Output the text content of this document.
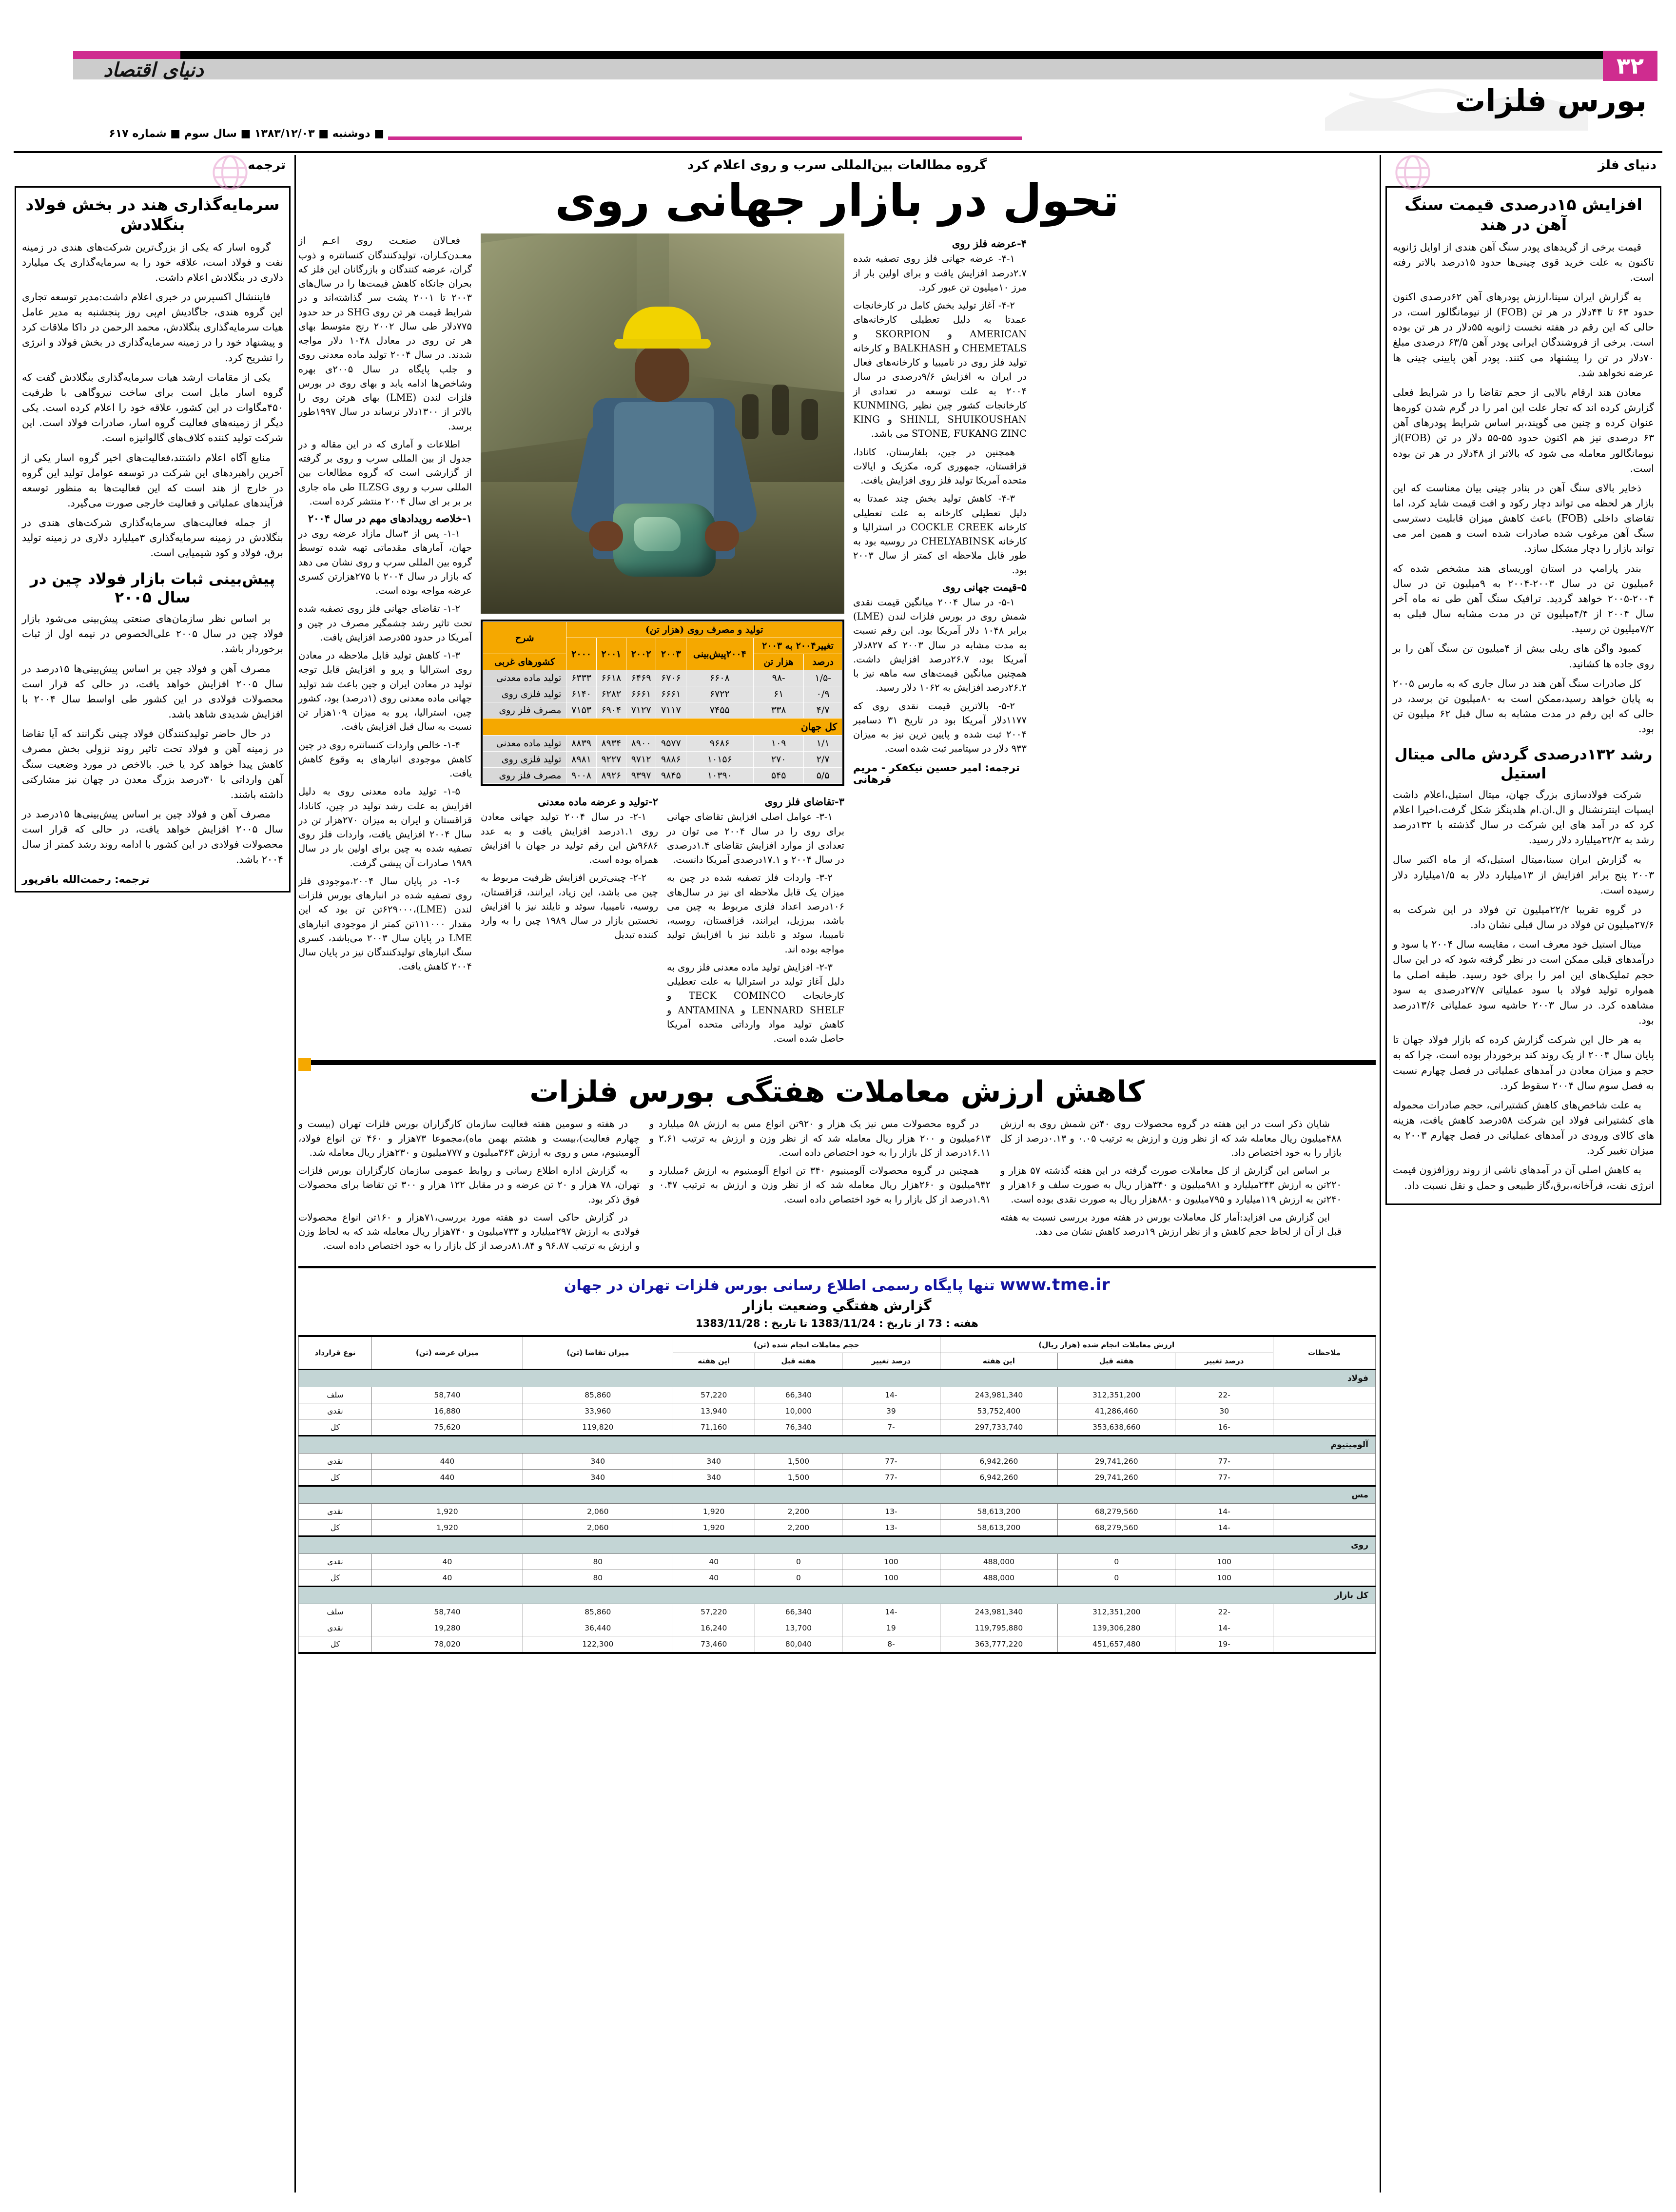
دنیای اقتصاد	۳۲
بورس فلزات
■ دوشنبه ■ ۱۳۸۳/۱۲/۰۳ ■ سال سوم ■ شماره ۶۱۷
ترجمه
سرمایه‌گذاری هند در بخش فولاد بنگلادش
گروه اسار که یکی از بزرگ‌ترین شرکت‌های هندی در زمینه نفت و فولاد است، علاقه خود را به سرمایه‌گذاری یک میلیارد دلاری در بنگلادش اعلام داشت.
فایننشال اکسپرس در خبری اعلام داشت:مدیر توسعه تجاری این گروه هندی، جاگادیش ام‌پی روز پنجشنبه به مدیر عامل هیات سرمایه‌گذاری بنگلادش، محمد الرحمن در داکا ملاقات کرد و پیشنهاد خود را در زمینه سرمایه‌گذاری در بخش فولاد و انرژی را تشریح کرد.
یکی از مقامات ارشد هیات سرمایه‌گذاری بنگلادش گفت که گروه اسار مایل است برای ساخت نیروگاهی با ظرفیت ۴۵۰مگاوات در این کشور، علاقه خود را اعلام کرده است. یکی دیگر از زمینه‌های فعالیت گروه اسار، صادرات فولاد است. این شرکت تولید کننده کلاف‌های گالوانیزه است.
منابع آگاه اعلام داشتند،فعالیت‌های اخیر گروه اسار یکی از آخرین راهبردهای این شرکت در توسعه عوامل تولید این گروه در خارج از هند است که این فعالیت‌ها به منظور توسعه فرآیندهای عملیاتی و فعالیت خارجی صورت می‌گیرد.
از جمله فعالیت‌های سرمایه‌گذاری شرکت‌های هندی در بنگلادش در زمینه سرمایه‌گذاری ۳میلیارد دلاری در زمینه تولید برق، فولاد و کود شیمیایی است.
پیش‌بینی ثبات بازار فولاد چین در سال ۲۰۰۵
بر اساس نظر سازمان‌های صنعتی پیش‌بینی می‌شود بازار فولاد چین در سال ۲۰۰۵ علی‌الخصوص در نیمه اول از ثبات برخوردار باشد.
مصرف آهن و فولاد چین بر اساس پیش‌بینی‌ها ۱۵درصد در سال ۲۰۰۵ افزایش خواهد یافت، در حالی که قرار است محصولات فولادی در این کشور طی اواسط سال ۲۰۰۴ با افزایش شدیدی شاهد باشد.
در حال حاضر تولیدکنندگان فولاد چینی نگرانند که آیا تقاضا در زمینه آهن و فولاد تحت تاثیر روند نزولی بخش مصرف کاهش پیدا خواهد کرد یا خیر. بالاخص در مورد وضعیت سنگ آهن وارداتی با ۳۰درصد بزرگ معدن در چهان نیز مشارکتی داشته باشند.
مصرف آهن و فولاد چین بر اساس پیش‌بینی‌ها ۱۵درصد در سال ۲۰۰۵ افزایش خواهد یافت، در حالی که قرار است محصولات فولادی در این کشور با ادامه روند رشد کمتر از سال ۲۰۰۴ باشد.
ترجمه: رحمت‌الله باقرپور
دنیای فلز
افزایش ۱۵درصدی قیمت سنگ آهن در هند
قیمت برخی از گریدهای پودر سنگ آهن هندی از اوایل ژانویه تاکنون به علت خرید قوی چینی‌ها حدود ۱۵درصد بالاتر رفته است.
به گزارش ایران سینا،ارزش پودرهای آهن ۶۲درصدی اکنون حدود ۶۳ تا ۴۴دلار در هر تن (FOB) از نیومانگالور است، در حالی که این رقم در هفته نخست ژانویه ۵۵دلار در هر تن بوده است. برخی از فروشندگان ایرانی پودر آهن ۶۳/۵ درصدی مبلغ ۷۰دلار در تن را پیشنهاد می کنند. پودر آهن پایینی چینی ها عرضه نخواهد شد.
معادن هند ارقام بالایی از حجم تقاضا را در شرایط فعلی گزارش کرده اند که تجار علت این امر را در گرم شدن کوره‌ها عنوان کرده و چنین می گویند،بر اساس شرایط پودرهای آهن ۶۳ درصدی نیز هم اکنون حدود ۵۵-۵۵ دلار در تن (FOB)از نیومانگالور معامله می شود که بالاتر از ۴۸دلار در هر تن بوده است.
ذخایر بالای سنگ آهن در بنادر چینی بیان معناست که این بازار هر لحظه می تواند دچار رکود و افت قیمت شاید کرد، اما تقاضای داخلی (FOB) باعث کاهش میزان قابلیت دسترسی سنگ آهن مرغوب شده صادرات شده است و همین امر می تواند بازار را دچار مشکل سازد.
بندر پارامپ در استان اوریسای هند مشخص شده که ۶میلیون تن در سال ۲۰۰۳-۲۰۰۴ به ۹میلیون تن در سال ۲۰۰۴-۲۰۰۵ خواهد گردید. ترافیک سنگ آهن طی نه ماه آخر سال ۲۰۰۴ از ۴/۴میلیون تن در مدت مشابه سال قبلی به ۷/۲میلیون تن رسید.
کمبود واگن های ریلی بیش از ۴میلیون تن سنگ آهن را بر روی جاده ها کشانید.
کل صادرات سنگ آهن هند در سال جاری که به مارس ۲۰۰۵ به پایان خواهد رسید،ممکن است به ۸۰میلیون تن برسد، در حالی که این رقم در مدت مشابه به سال قبل ۶۲ میلیون تن بود.
رشد ۱۳۲درصدی گردش مالی میتال استیل
شرکت فولادسازی بزرگ جهان، میتال استیل،اعلام داشت ایسپات اینترنشنال و ال.ان.ام هلدینگز شکل گرفت،اخیرا اعلام کرد که در آمد های این شرکت در سال گذشته با ۱۳۲درصد رشد به ۲۲/۲میلیارد دلار رسید.
به گزارش ایران سینا،میتال استیل،که از ماه اکتبر سال ۲۰۰۳ پنج برابر افزایش از ۱۳میلیارد دلار به ۱/۵میلیارد دلار رسیده است.
در گروه تقریبا ۲۲/۲میلیون تن فولاد در این شرکت به ۲۷/۶میلیون تن فولاد در سال قبلی نشان داد.
میتال استیل خود معرف است ، مقایسه سال ۲۰۰۴ با سود و درآمدهای قبلی ممکن است در نظر گرفته شود که در این سال حجم تملیک‌های این امر را برای خود رسید. طبقه اصلی ما همواره تولید فولاد با سود عملیاتی ۲۷/۷درصدی به سود مشاهده کرد. در سال ۲۰۰۳ حاشیه سود عملیاتی ۱۳/۶درصد بود.
به هر حال این شرکت گزارش کرده که بازار فولاد جهان تا پایان سال ۲۰۰۴ از یک روند کند برخوردار بوده است، چرا که به حجم و میزان معادن در آمدهای عملیاتی در فصل چهارم نسبت به فصل سوم سال ۲۰۰۴ سقوط کرد.
به علت شاخص‌های کاهش کشتیرانی، حجم صادرات محموله های کشتیرانی فولاد این شرکت ۵۸درصد کاهش یافت، هزینه های کالای ورودی در آمدهای عملیاتی در فصل چهارم ۲۰۰۳ به میزان تغییر کرد.
به کاهش اصلی آن در آمدهای ناشی از روند روزافزون قیمت انرژی نفت، فرآخانه،برق،گاز طبیعی و حمل و نقل نسبت داد.
گروه مطالعات بین‌المللی سرب و روی اعلام کرد
تحول در بازار جهانی روی
فعـالان صنعـت روی اعـم از معـدن‌کـاران، تولیدکنندگان کنسانتره و ذوب گران، عرضه کنندگان و بازرگانان این فلز که بحران جانکاه کاهش قیمت‌ها را در سال‌های ۲۰۰۳ تا ۲۰۰۱ پشت سر گذاشته‌اند و در شرایط قیمت هر تن روی SHG در حد حدود ۷۷۵دلار طی سال ۲۰۰۲ رنج متوسط بهای هر تن روی در معادل ۱۰۴۸ دلار مواجه شدند. در سال ۲۰۰۴ تولید ماده معدنی روی و جلب پایگاه در سال ۲۰۰۵ی بهره وشاخص‌ها ادامه یابد و بهای روی در بورس فلزات لندن (LME) بهای هرتن روی را بالاتر از ۱۳۰۰دلار نرساند در سال ۱۹۹۷طور برسد.
اطلاعات و آماری که در این مقاله و در جدول از بین المللی سرب و روی بر گرفته از گزارشی است که گروه مطالعات بین المللی سرب و روی ILZSG طی ماه جاری بر بر بر ای سال ۲۰۰۴ منتشر کرده است.
۱-خلاصه رویدادهای مهم در سال ۲۰۰۴
۱-۱- پس از ۳سال مازاد عرضه روی در جهان، آمارهای مقدماتی تهیه شده توسط گروه بین المللی سرب و روی نشان می دهد که بازار در سال ۲۰۰۴ با ۲۷۵هزارتن کسری عرضه مواجه بوده است.
۱-۲- تقاضای جهانی فلز روی تصفیه شده تحت تاثیر رشد چشمگیر مصرف در چین و آمریکا در حدود ۵۵درصد افزایش یافت.
۱-۳- کاهش تولید قابل ملاحظه در معادن روی استرالیا و پرو و افزایش قابل توجه تولید در معادن ایران و چین باعث شد تولید جهانی ماده معدنی روی (۱درصد) بود، کشور چین، استرالیا، پرو به میزان ۱۰۹هزار تن نسبت به سال قبل افزایش یافت.
۱-۴- خالص واردات کنسانتره روی در چین کاهش موجودی انبارهای به وقوع کاهش یافت.
۱-۵- تولید ماده معدنی روی به دلیل افزایش به علت رشد تولید در چین، کانادا، قزاقستان و ایران به میزان ۲۷۰هزار تن در سال ۲۰۰۴ افزایش یافت، واردات فلز روی تصفیه شده به چین برای اولین بار در سال ۱۹۸۹ صادرات آن پیشی گرفت.
۱-۶- در پایان سال ۲۰۰۴،موجودی فلز روی تصفیه شده در انبارهای بورس فلزات لندن (LME)،۶۲۹۰۰۰تن تن بود که این مقدار ۱۱۱۰۰۰تن کمتر از موجودی انبارهای LME در پایان سال ۲۰۰۳ می‌باشد، کسری سنگ انبارهای تولیدکنندگان نیز در پایان سال ۲۰۰۴ کاهش یافت.
تولید و مصرف روی (هزار تن)							شرح
تغییر۲۰۰۴ به ۲۰۰۳		۲۰۰۴پیش‌بینی	۲۰۰۳	۲۰۰۲	۲۰۰۱	۲۰۰۰	
درصد	هزار تن						کشورهای غربی
-۱/۵	-۹۸	۶۶۰۸	۶۷۰۶	۶۴۶۹	۶۶۱۸	۶۳۳۳	تولید ماده معدنی
۰/۹	۶۱	۶۷۲۲	۶۶۶۱	۶۶۶۱	۶۲۸۲	۶۱۴۰	تولید فلزی روی
۴/۷	۳۳۸	۷۴۵۵	۷۱۱۷	۷۱۲۷	۶۹۰۴	۷۱۵۳	مصرف فلز روی
کل جهان							
۱/۱	۱۰۹	۹۶۸۶	۹۵۷۷	۸۹۰۰	۸۹۳۴	۸۸۳۹	تولید ماده معدنی
۲/۷	۲۷۰	۱۰۱۵۶	۹۸۸۶	۹۷۱۲	۹۲۲۷	۸۹۸۱	تولید فلزی روی
۵/۵	۵۴۵	۱۰۳۹۰	۹۸۴۵	۹۳۹۷	۸۹۲۶	۹۰۰۸	مصرف فلز روی
۲-تولید و عرضه ماده معدنی
۲-۱- در سال ۲۰۰۴ تولید جهانی معادن روی ۱.۱درصد افزایش یافت و به عدد ۹۶۸۶ش این رقم تولید در جهان با افزایش همراه بوده است.
۲-۲- چینی‌ترین افزایش ظرفیت مربوط به چین می باشد، این زیاد، ایرانند، قزاقستان، روسیه، نامیبیا، سوئد و تایلند نیز با افزایش نخستین بازار در سال ۱۹۸۹ چین را به وارد کننده تبدیل
۳-تقاضای فلز روی
۳-۱- عوامل اصلی افزایش تقاضای جهانی برای روی را در سال ۲۰۰۴ می توان در تعدادی از موارد افزایش تقاضای ۱.۴درصدی در سال ۲۰۰۴ و ۱۷.۱درصدی آمریکا دانست.
۳-۲- واردات فلز تصفیه شده در چین به میزان یک قابل ملاحظه ای نیز در سال‌های ۱۰۶درصد اعداد فلزی مربوط به چین می باشد، ببرزیل، ایرانند، قزاقستان، روسیه، نامیبیا، سوئد و تایلند نیز با افزایش تولید مواجه بوده اند.
۲-۳- افزایش تولید ماده معدنی فلز روی به دلیل آغاز تولید در استرالیا به علت تعطیلی کارخانجات TECK COMINCO و LENNARD SHELF و ANTAMINA و کاهش تولید مواد وارداتی متحده آمریکا حاصل شده است.
۴-عرضه فلز روی
۴-۱- عرضه جهانی فلز روی تصفیه شده ۲.۷درصد افزایش یافت و برای اولین بار از مرز ۱۰میلیون تن عبور کرد.
۴-۲- آغاز تولید بخش کامل در کارخانجات عمدتا به دلیل تعطیلی کارخانه‌های AMERICAN و SKORPION و CHEMETALS و BALKHASH و کارخانه تولید فلز روی در نامیبیا و کارخانه‌های فعال در ایران به افزایش ۹/۶درصدی در سال ۲۰۰۴ به علت توسعه در تعدادی از کارخانجات کشور چین نظیر KUNMING, SHINLI, SHUIKOUSHAN و KING STONE, FUKANG ZINC می باشد.
همچنین در چین، بلغارستان، کانادا، قزاقستان، جمهوری کره، مکزیک و ایالات متحده آمریکا تولید فلز روی افزایش یافت.
۴-۳- کاهش تولید بخش چند عمدتا به دلیل تعطیلی کارخانه به علت تعطیلی کارخانه COCKLE CREEK در استرالیا و کارخانه CHELYABINSK در روسیه بود به طور قابل ملاحظه ای کمتر از سال ۲۰۰۳ بود.
۵-قیمت جهانی روی
۵-۱- در سال ۲۰۰۴ میانگین قیمت نقدی شمش روی در بورس فلزات لندن (LME) برابر ۱۰۴۸ دلار آمریکا بود. این رقم نسبت به مدت مشابه در سال ۲۰۰۳ که ۸۲۷دلار آمریکا بود، ۲۶.۷درصد افزایش داشت. همچنین میانگین قیمت‌های سه ماهه نیز با ۲۶.۲درصد افزایش به ۱۰۶۲ دلار رسید.
۵-۲- بالاترین قیمت نقدی روی که ۱۱۷۷دلار آمریکا بود در تاریخ ۳۱ دسامبر ۲۰۰۴ ثبت شده و پایین ترین نیز به میزان ۹۳۳ دلار در سپتامبر ثبت شده است.
ترجمه: امیر حسین نیکفکر - مریم قرهانی
کاهش ارزش معاملات هفتگی بورس فلزات
در هفته و سومین هفته فعالیت سازمان کارگزاران بورس فلزات تهران (بیست و چهارم فعالیت)،بیست و هشتم بهمن ماه)،مجموعا ۷۳هزار و ۴۶۰ تن انواع فولاد، آلومینیوم، مس و روی به ارزش ۳۶۳میلیون و ۷۷۷میلیون و ۲۳۰هزار ریال معامله شد.
به گزارش اداره اطلاع رسانی و روابط عمومی سازمان کارگزاران بورس فلزات تهران، ۷۸ هزار و ۲۰ تن عرضه و در مقابل ۱۲۲ هزار و ۳۰۰ تن تقاضا برای محصولات فوق ذکر بود.
در گزارش حاکی است دو هفته مورد بررسی،۷۱هزار و ۱۶۰تن انواع محصولات فولادی به ارزش ۲۹۷میلیارد و ۷۳۳میلیون و ۷۴۰هزار ریال معامله شد که به لحاظ وزن و ارزش به ترتیب ۹۶.۸۷ و ۸۱.۸۴درصد از کل بازار را به خود اختصاص داده است.
در گروه محصولات مس نیز یک هزار و ۹۲۰تن انواع مس به ارزش ۵۸ میلیارد و ۶۱۳میلیون و ۲۰۰ هزار ریال معامله شد که از نظر وزن و ارزش به ترتیب ۲.۶۱ و ۱۶.۱۱درصد از کل بازار را به خود اختصاص داده است.
همچنین در گروه محصولات آلومینیوم ۳۴۰ تن انواع آلومینیوم به ارزش ۶میلیارد و ۹۴۲میلیون و ۲۶۰هزار ریال معامله شد که از نظر وزن و ارزش به ترتیب ۰.۴۷ و ۱.۹۱درصد از کل بازار را به خود اختصاص داده است.
شایان ذکر است در این هفته در گروه محصولات روی ۴۰تن شمش روی به ارزش ۴۸۸میلیون ریال معامله شد که از نظر وزن و ارزش به ترتیب ۰.۰۵ و ۰.۱۳درصد از کل بازار را به خود اختصاص داد.
بر اساس این گزارش از کل معاملات صورت گرفته در این هفته گذشته ۵۷ هزار و ۲۲۰تن به ارزش ۲۴۳میلیارد و ۹۸۱میلیون و ۳۴۰هزار ریال به صورت سلف و ۱۶هزار و ۲۴۰تن به ارزش ۱۱۹میلیارد و ۷۹۵میلیون و ۸۸۰هزار ریال به صورت نقدی بوده است.
این گزارش می افزاید:آمار کل معاملات بورس در هفته مورد بررسی نسبت به هفته قبل از آن از لحاظ حجم کاهش و از نظر ارزش ۱۹درصد کاهش نشان می دهد.
www.tme.ir تنها پایگاه رسمی اطلاع رسانی بورس فلزات تهران در جهان
گزارش هفتگي وضعيت بازار
هفته : 73 از تاريخ : 1383/11/24 تا تاريخ : 1383/11/28
ملاحظات	ارزش معاملات انجام شده (هزار ریال)			حجم معاملات انجام شده (تن)			میزان تقاضا (تن)	میزان عرضه (تن)	نوع قرارداد
	درصد تغییر	هفته قبل	این هفته	درصد تغییر	هفته قبل	این هفته			
فولاد									
	-22	312,351,200	243,981,340	-14	66,340	57,220	85,860	58,740	سلف
	30	41,286,460	53,752,400	39	10,000	13,940	33,960	16,880	نقدی
	-16	353,638,660	297,733,740	-7	76,340	71,160	119,820	75,620	کل
آلومینیوم									
	-77	29,741,260	6,942,260	-77	1,500	340	340	440	نقدی
	-77	29,741,260	6,942,260	-77	1,500	340	340	440	کل
مس									
	-14	68,279,560	58,613,200	-13	2,200	1,920	2,060	1,920	نقدی
	-14	68,279,560	58,613,200	-13	2,200	1,920	2,060	1,920	کل
روی									
	100	0	488,000	100	0	40	80	40	نقدی
	100	0	488,000	100	0	40	80	40	کل
کل بازار									
	-22	312,351,200	243,981,340	-14	66,340	57,220	85,860	58,740	سلف
	-14	139,306,280	119,795,880	19	13,700	16,240	36,440	19,280	نقدی
	-19	451,657,480	363,777,220	-8	80,040	73,460	122,300	78,020	کل
